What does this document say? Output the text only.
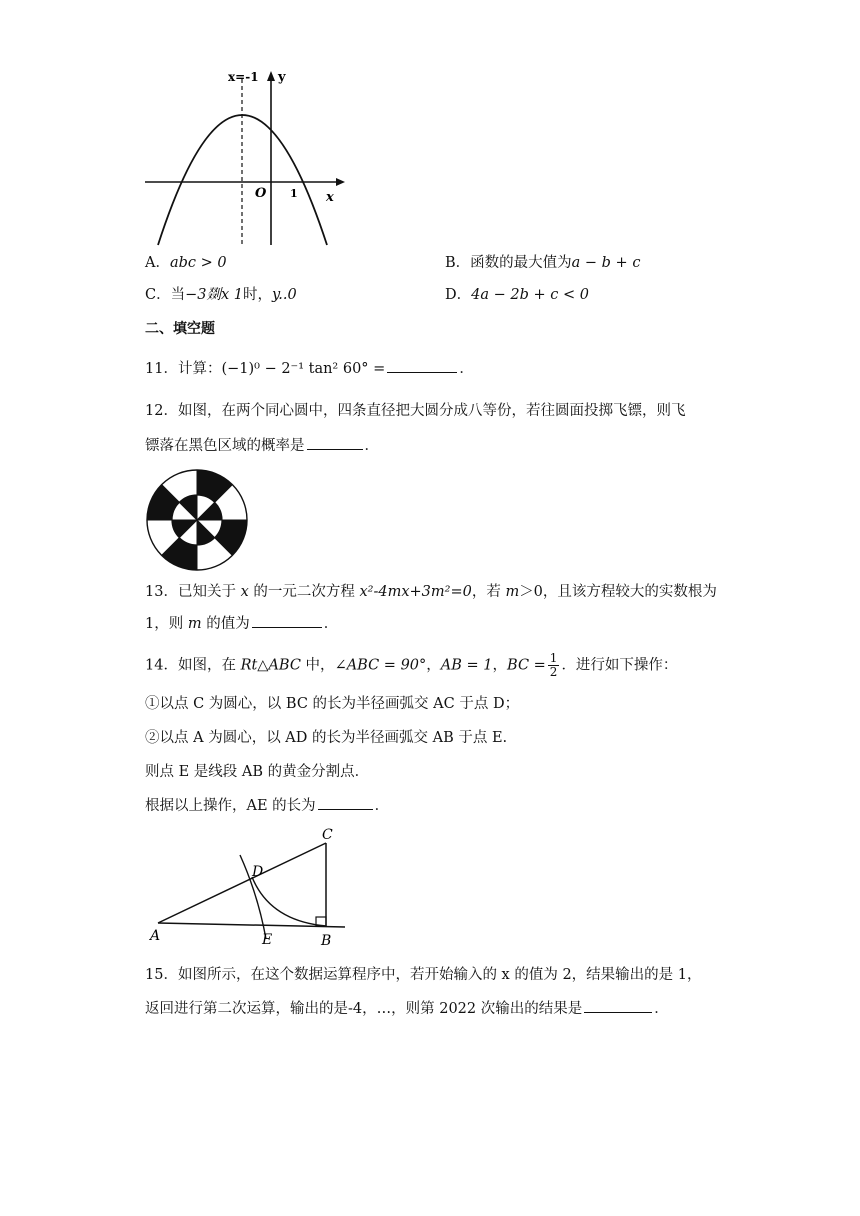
x=-1 y
x
O 1
A．abc > 0	B．函数的最大值为a − b + c
C．当−3剟x 1时，y..0	D．4a − 2b + c < 0
二、填空题
11．计算：(−1)⁰ − 2⁻¹ tan² 60° =	．
12．如图，在两个同心圆中，四条直径把大圆分成八等份，若往圆面投掷飞镖，则飞
镖落在黑色区域的概率是	．
13．已知关于 x 的一元二次方程 x²-4mx+3m²=0，若 m＞0，且该方程较大的实数根为
1，则 m 的值为	．
14．如图，在 Rt△ABC 中，∠ABC = 90°，AB = 1，BC = $\frac{1}{2}$ ．进行如下操作：
①以点 C 为圆心，以 BC 的长为半径画弧交 AC 于点 D；
②以点 A 为圆心，以 AD 的长为半径画弧交 AB 于点 E.
则点 E 是线段 AB 的黄金分割点．
根据以上操作，AE 的长为	．
A	B
C
D
E
15．如图所示，在这个数据运算程序中，若开始输入的 x 的值为 2，结果输出的是 1，
返回进行第二次运算，输出的是-4，…，则第 2022 次输出的结果是	．
